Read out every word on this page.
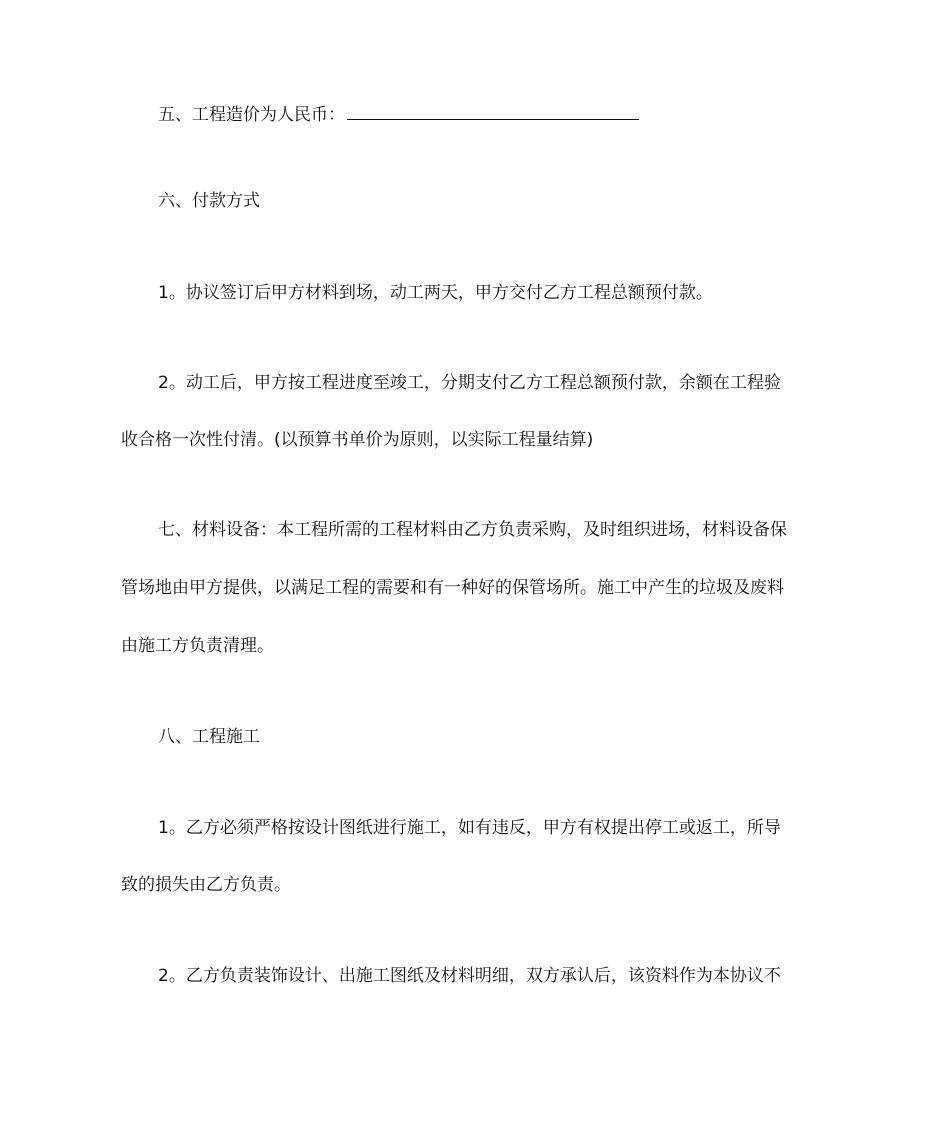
五、工程造价为人民币：
六、付款方式
1。协议签订后甲方材料到场，动工两天，甲方交付乙方工程总额预付款。
2。动工后，甲方按工程进度至竣工，分期支付乙方工程总额预付款，余额在工程验
收合格一次性付清。(以预算书单价为原则，以实际工程量结算)
七、材料设备：本工程所需的工程材料由乙方负责采购，及时组织进场，材料设备保
管场地由甲方提供，以满足工程的需要和有一种好的保管场所。施工中产生的垃圾及废料
由施工方负责清理。
八、工程施工
1。乙方必须严格按设计图纸进行施工，如有违反，甲方有权提出停工或返工，所导
致的损失由乙方负责。
2。乙方负责装饰设计、出施工图纸及材料明细，双方承认后，该资料作为本协议不
